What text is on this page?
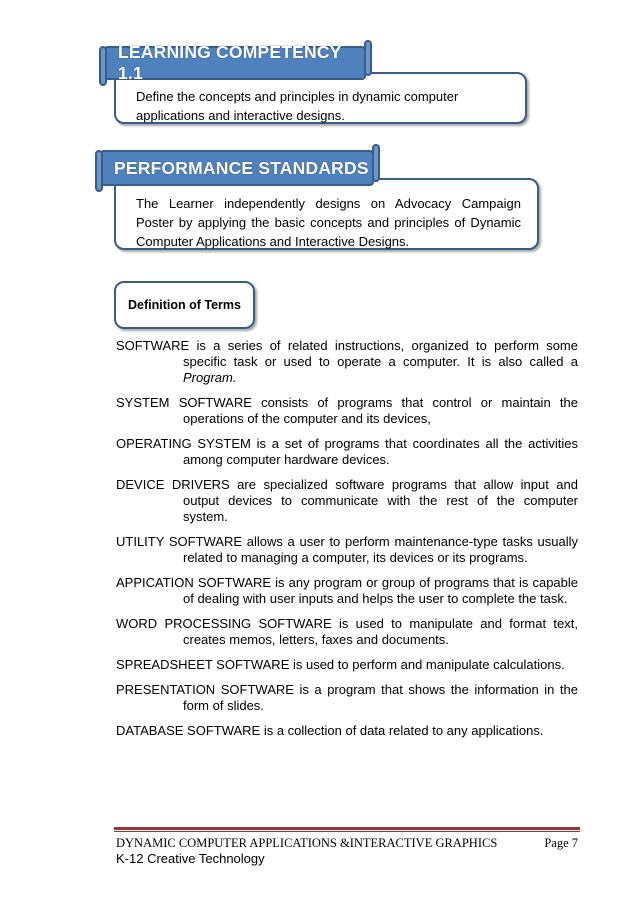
Define the concepts and principles in dynamic computer applications and interactive designs.
LEARNING COMPETENCY 1.1
The Learner independently designs on Advocacy Campaign Poster by applying the basic concepts and principles of Dynamic Computer Applications and Interactive Designs.
PERFORMANCE STANDARDS
Definition of Terms

SOFTWARE is a series of related instructions, organized to perform some specific task or used to operate a computer. It is also called a Program.

SYSTEM SOFTWARE consists of programs that control or maintain the operations of the computer and its devices,

OPERATING SYSTEM is a set of programs that coordinates all the activities among computer hardware devices.

DEVICE DRIVERS are specialized software programs that allow input and output devices to communicate with the rest of the computer system.

UTILITY SOFTWARE allows a user to perform maintenance-type tasks usually related to managing a computer, its devices or its programs.

APPICATION SOFTWARE is any program or group of programs that is capable of dealing with user inputs and helps the user to complete the task.

WORD PROCESSING SOFTWARE is used to manipulate and format text, creates memos, letters, faxes and documents.

SPREADSHEET SOFTWARE is used to perform and manipulate calculations.

PRESENTATION SOFTWARE is a program that shows the information in the form of slides.

DATABASE SOFTWARE is a collection of data related to any applications.

DYNAMIC COMPUTER APPLICATIONS &INTERACTIVE GRAPHICS	Page 7
K-12 Creative Technology
